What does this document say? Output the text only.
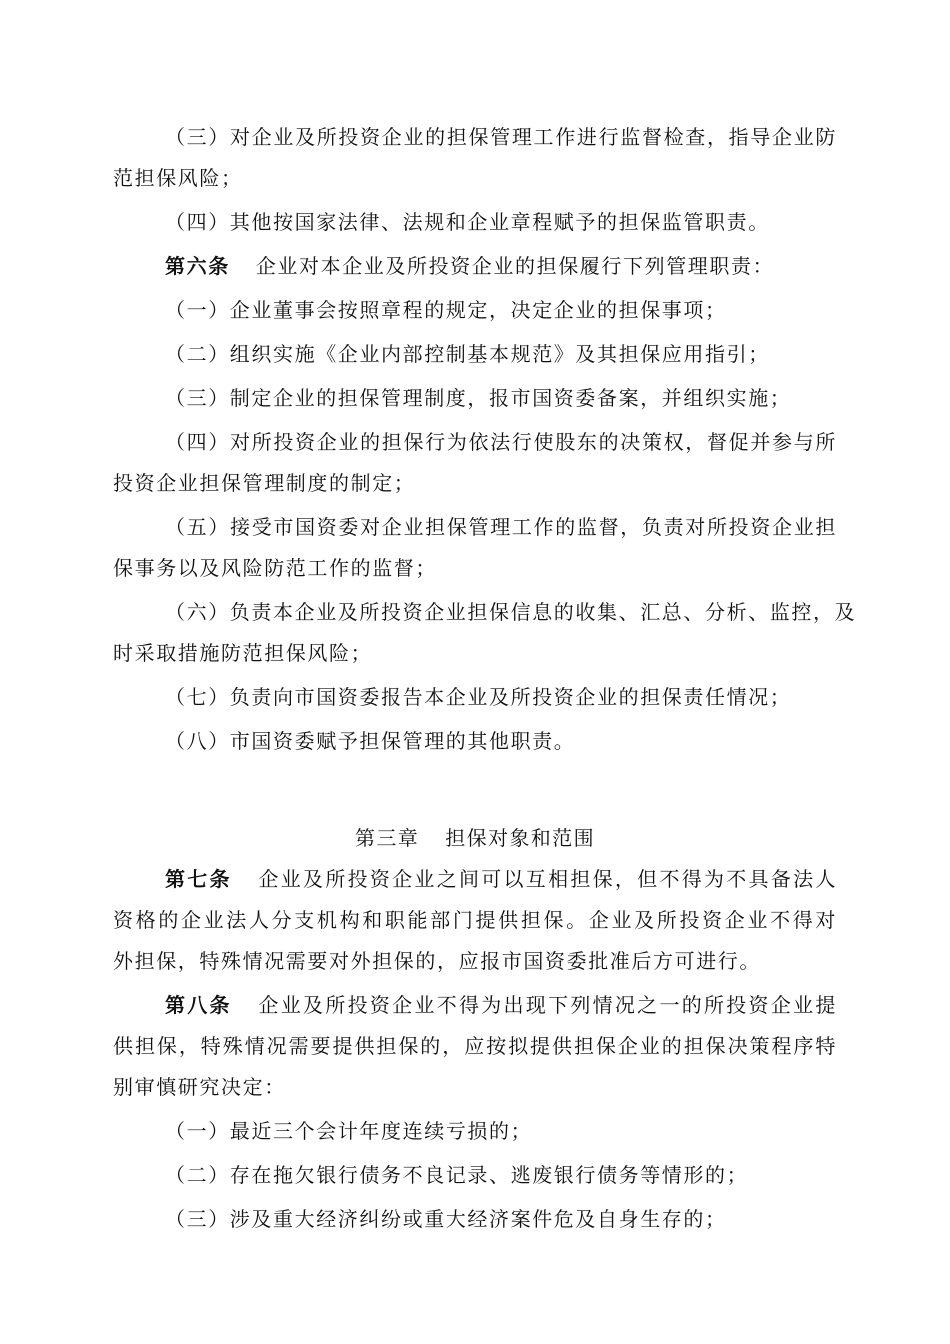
（三）对企业及所投资企业的担保管理工作进行监督检查，指导企业防
范担保风险；
（四）其他按国家法律、法规和企业章程赋予的担保监管职责。
第六条 企业对本企业及所投资企业的担保履行下列管理职责：
（一）企业董事会按照章程的规定，决定企业的担保事项；
（二）组织实施《企业内部控制基本规范》及其担保应用指引；
（三）制定企业的担保管理制度，报市国资委备案，并组织实施；
（四）对所投资企业的担保行为依法行使股东的决策权，督促并参与所
投资企业担保管理制度的制定；
（五）接受市国资委对企业担保管理工作的监督，负责对所投资企业担
保事务以及风险防范工作的监督；
（六）负责本企业及所投资企业担保信息的收集、汇总、分析、监控，及
时采取措施防范担保风险；
（七）负责向市国资委报告本企业及所投资企业的担保责任情况；
（八）市国资委赋予担保管理的其他职责。
第三章 担保对象和范围
第七条 企业及所投资企业之间可以互相担保，但不得为不具备法人
资格的企业法人分支机构和职能部门提供担保。企业及所投资企业不得对
外担保，特殊情况需要对外担保的，应报市国资委批准后方可进行。
第八条 企业及所投资企业不得为出现下列情况之一的所投资企业提
供担保，特殊情况需要提供担保的，应按拟提供担保企业的担保决策程序特
别审慎研究决定：
（一）最近三个会计年度连续亏损的；
（二）存在拖欠银行债务不良记录、逃废银行债务等情形的；
（三）涉及重大经济纠纷或重大经济案件危及自身生存的；
